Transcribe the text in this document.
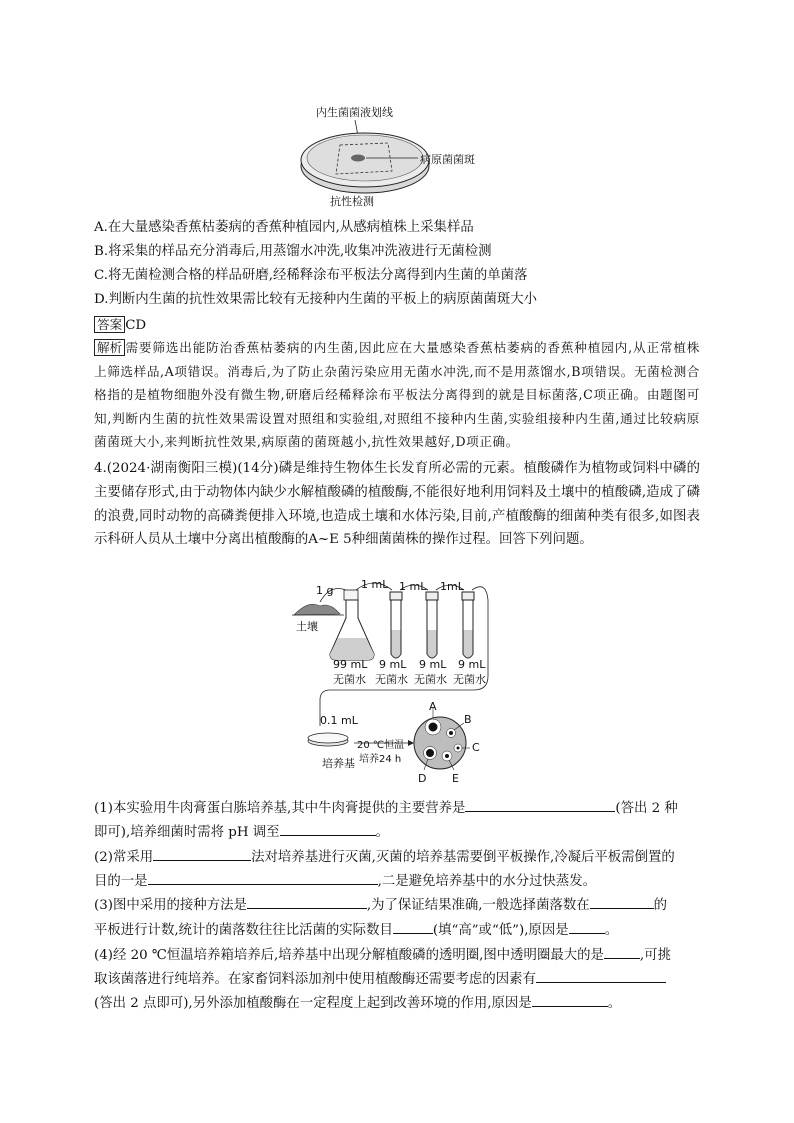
内生菌菌液划线
病原菌菌斑
抗性检测
A.在大量感染香蕉枯萎病的香蕉种植园内,从感病植株上采集样品
B.将采集的样品充分消毒后,用蒸馏水冲洗,收集冲洗液进行无菌检测
C.将无菌检测合格的样品研磨,经稀释涂布平板法分离得到内生菌的单菌落
D.判断内生菌的抗性效果需比较有无接种内生菌的平板上的病原菌菌斑大小
答案 CD
解析 需要筛选出能防治香蕉枯萎病的内生菌,因此应在大量感染香蕉枯萎病的香蕉种植园内,从正常植株上筛选样品,A项错误。消毒后,为了防止杂菌污染应用无菌水冲洗,而不是用蒸馏水,B项错误。无菌检测合格指的是植物细胞外没有微生物,研磨后经稀释涂布平板法分离得到的就是目标菌落,C项正确。由题图可知,判断内生菌的抗性效果需设置对照组和实验组,对照组不接种内生菌,实验组接种内生菌,通过比较病原菌菌斑大小,来判断抗性效果,病原菌的菌斑越小,抗性效果越好,D项正确。
4.(2024·湖南衡阳三模)(14分)磷是维持生物体生长发育所必需的元素。植酸磷作为植物或饲料中磷的主要储存形式,由于动物体内缺少水解植酸磷的植酸酶,不能很好地利用饲料及土壤中的植酸磷,造成了磷的浪费,同时动物的高磷粪便排入环境,也造成土壤和水体污染,目前,产植酸酶的细菌种类有很多,如图表示科研人员从土壤中分离出植酸酶的A~E 5种细菌菌株的操作过程。回答下列问题。
1 g
土壤
1 mL 1 mL 1mL
99 mL
无菌水
9 mL
无菌水
9 mL
无菌水
9 mL
无菌水
0.1 mL
培养基
20 ℃恒温
培养24 h
A
B
C
D E
(1)本实验用牛肉膏蛋白胨培养基,其中牛肉膏提供的主要营养是	(答出 2 种
即可),培养细菌时需将 pH 调至	。
(2)常采用	法对培养基进行灭菌,灭菌的培养基需要倒平板操作,冷凝后平板需倒置的
目的一是	,二是避免培养基中的水分过快蒸发。
(3)图中采用的接种方法是	,为了保证结果准确,一般选择菌落数在	的
平板进行计数,统计的菌落数往往比活菌的实际数目	(填“高”或“低”),原因是	。
(4)经 20 ℃恒温培养箱培养后,培养基中出现分解植酸磷的透明圈,图中透明圈最大的是	,可挑
取该菌落进行纯培养。在家畜饲料添加剂中使用植酸酶还需要考虑的因素有
(答出 2 点即可),另外添加植酸酶在一定程度上起到改善环境的作用,原因是	。
